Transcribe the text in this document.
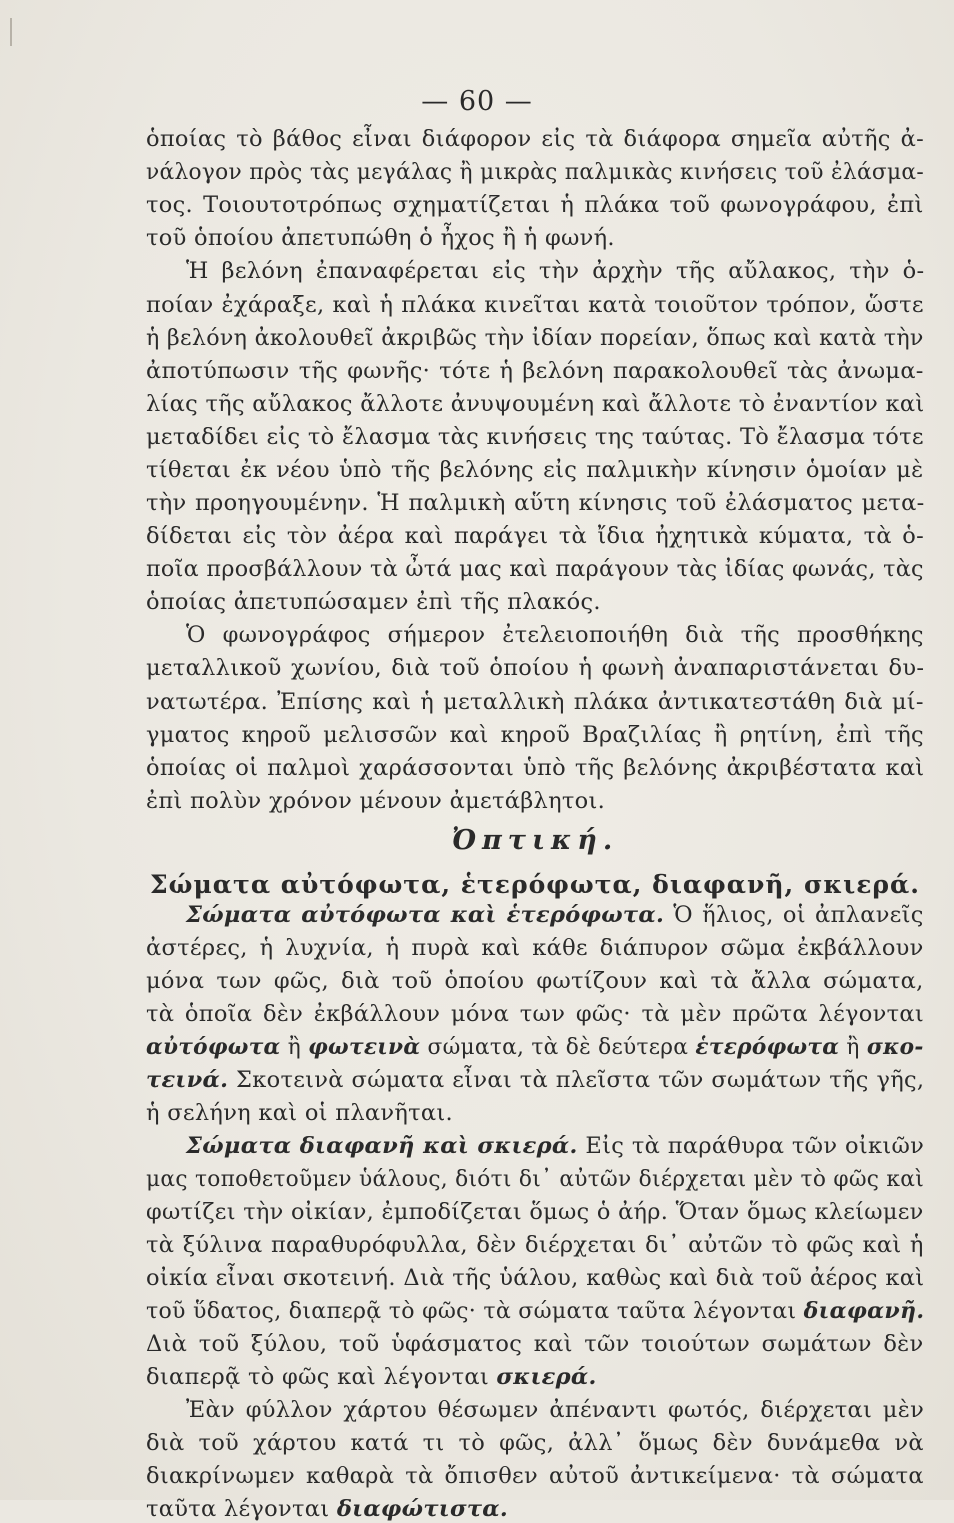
— 60 —
ὁποίας τὸ βάθος εἶναι διάφορον εἰς τὰ διάφορα σημεῖα αὐτῆς ἀ-
νάλογον πρὸς τὰς μεγάλας ἢ μικρὰς παλμικὰς κινήσεις τοῦ ἐλάσμα-
τος. Τοιουτοτρόπως σχηματίζεται ἡ πλάκα τοῦ φωνογράφου, ἐπὶ
τοῦ ὁποίου ἀπετυπώθη ὁ ἦχος ἢ ἡ φωνή.
Ἡ βελόνη ἐπαναφέρεται εἰς τὴν ἀρχὴν τῆς αὔλακος, τὴν ὁ-
ποίαν ἐχάραξε, καὶ ἡ πλάκα κινεῖται κατὰ τοιοῦτον τρόπον, ὥστε
ἡ βελόνη ἀκολουθεῖ ἀκριβῶς τὴν ἰδίαν πορείαν, ὅπως καὶ κατὰ τὴν
ἀποτύπωσιν τῆς φωνῆς· τότε ἡ βελόνη παρακολουθεῖ τὰς ἀνωμα-
λίας τῆς αὔλακος ἄλλοτε ἀνυψουμένη καὶ ἄλλοτε τὸ ἐναντίον καὶ
μεταδίδει εἰς τὸ ἔλασμα τὰς κινήσεις της ταύτας. Τὸ ἔλασμα τότε
τίθεται ἐκ νέου ὑπὸ τῆς βελόνης εἰς παλμικὴν κίνησιν ὁμοίαν μὲ
τὴν προηγουμένην. Ἡ παλμικὴ αὕτη κίνησις τοῦ ἐλάσματος μετα-
δίδεται εἰς τὸν ἀέρα καὶ παράγει τὰ ἴδια ἠχητικὰ κύματα, τὰ ὁ-
ποῖα προσβάλλουν τὰ ὦτά μας καὶ παράγουν τὰς ἰδίας φωνάς, τὰς
ὁποίας ἀπετυπώσαμεν ἐπὶ τῆς πλακός.
Ὁ φωνογράφος σήμερον ἐτελειοποιήθη διὰ τῆς προσθήκης
μεταλλικοῦ χωνίου, διὰ τοῦ ὁποίου ἡ φωνὴ ἀναπαριστάνεται δυ-
νατωτέρα. Ἐπίσης καὶ ἡ μεταλλικὴ πλάκα ἀντικατεστάθη διὰ μί-
γματος κηροῦ μελισσῶν καὶ κηροῦ Βραζιλίας ἢ ρητίνη, ἐπὶ τῆς
ὁποίας οἱ παλμοὶ χαράσσονται ὑπὸ τῆς βελόνης ἀκριβέστατα καὶ
ἐπὶ πολὺν χρόνον μένουν ἀμετάβλητοι.
Ὀπτική.
Σώματα αὐτόφωτα, ἑτερόφωτα, διαφανῆ, σκιερά.
Σώματα αὐτόφωτα καὶ ἑτερόφωτα. Ὁ ἥλιος, οἱ ἀπλανεῖς
ἀστέρες, ἡ λυχνία, ἡ πυρὰ καὶ κάθε διάπυρον σῶμα ἐκβάλλουν
μόνα των φῶς, διὰ τοῦ ὁποίου φωτίζουν καὶ τὰ ἄλλα σώματα,
τὰ ὁποῖα δὲν ἐκβάλλουν μόνα των φῶς· τὰ μὲν πρῶτα λέγονται
αὐτόφωτα ἢ φωτεινὰ σώματα, τὰ δὲ δεύτερα ἑτερόφωτα ἢ σκο-
τεινά. Σκοτεινὰ σώματα εἶναι τὰ πλεῖστα τῶν σωμάτων τῆς γῆς,
ἡ σελήνη καὶ οἱ πλανῆται.
Σώματα διαφανῆ καὶ σκιερά. Εἰς τὰ παράθυρα τῶν οἰκιῶν
μας τοποθετοῦμεν ὑάλους, διότι δι᾽ αὐτῶν διέρχεται μὲν τὸ φῶς καὶ
φωτίζει τὴν οἰκίαν, ἐμποδίζεται ὅμως ὁ ἀήρ. Ὅταν ὅμως κλείωμεν
τὰ ξύλινα παραθυρόφυλλα, δὲν διέρχεται δι᾽ αὐτῶν τὸ φῶς καὶ ἡ
οἰκία εἶναι σκοτεινή. Διὰ τῆς ὑάλου, καθὼς καὶ διὰ τοῦ ἀέρος καὶ
τοῦ ὕδατος, διαπερᾷ τὸ φῶς· τὰ σώματα ταῦτα λέγονται διαφανῆ.
Διὰ τοῦ ξύλου, τοῦ ὑφάσματος καὶ τῶν τοιούτων σωμάτων δὲν
διαπερᾷ τὸ φῶς καὶ λέγονται σκιερά.
Ἐὰν φύλλον χάρτου θέσωμεν ἀπέναντι φωτός, διέρχεται μὲν
διὰ τοῦ χάρτου κατά τι τὸ φῶς, ἀλλ᾽ ὅμως δὲν δυνάμεθα νὰ
διακρίνωμεν καθαρὰ τὰ ὄπισθεν αὐτοῦ ἀντικείμενα· τὰ σώματα
ταῦτα λέγονται διαφώτιστα.
